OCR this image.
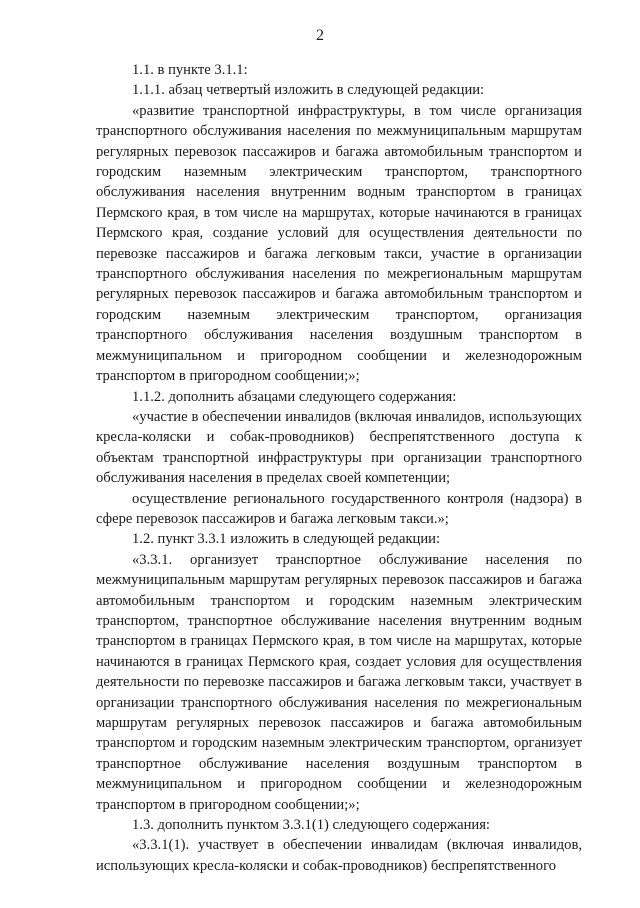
2

1.1. в пункте 3.1.1:

1.1.1. абзац четвертый изложить в следующей редакции:

«развитие транспортной инфраструктуры, в том числе организация транспортного обслуживания населения по межмуниципальным маршрутам регулярных перевозок пассажиров и багажа автомобильным транспортом и городским наземным электрическим транспортом, транспортного обслуживания населения внутренним водным транспортом в границах Пермского края, в том числе на маршрутах, которые начинаются в границах Пермского края, создание условий для осуществления деятельности по перевозке пассажиров и багажа легковым такси, участие в организации транспортного обслуживания населения по межрегиональным маршрутам регулярных перевозок пассажиров и багажа автомобильным транспортом и городским наземным электрическим транспортом, организация транспортного обслуживания населения воздушным транспортом в межмуниципальном и пригородном сообщении и железнодорожным транспортом в пригородном сообщении;»;

1.1.2. дополнить абзацами следующего содержания:

«участие в обеспечении инвалидов (включая инвалидов, использующих кресла-коляски и собак-проводников) беспрепятственного доступа к объектам транспортной инфраструктуры при организации транспортного обслуживания населения в пределах своей компетенции;

осуществление регионального государственного контроля (надзора) в сфере перевозок пассажиров и багажа легковым такси.»;

1.2. пункт 3.3.1 изложить в следующей редакции:

«3.3.1. организует транспортное обслуживание населения по межмуниципальным маршрутам регулярных перевозок пассажиров и багажа автомобильным транспортом и городским наземным электрическим транспортом, транспортное обслуживание населения внутренним водным транспортом в границах Пермского края, в том числе на маршрутах, которые начинаются в границах Пермского края, создает условия для осуществления деятельности по перевозке пассажиров и багажа легковым такси, участвует в организации транспортного обслуживания населения по межрегиональным маршрутам регулярных перевозок пассажиров и багажа автомобильным транспортом и городским наземным электрическим транспортом, организует транспортное обслуживание населения воздушным транспортом в межмуниципальном и пригородном сообщении и железнодорожным транспортом в пригородном сообщении;»;

1.3. дополнить пунктом 3.3.1(1) следующего содержания:

«3.3.1(1). участвует в обеспечении инвалидам (включая инвалидов, использующих кресла-коляски и собак-проводников) беспрепятственного
